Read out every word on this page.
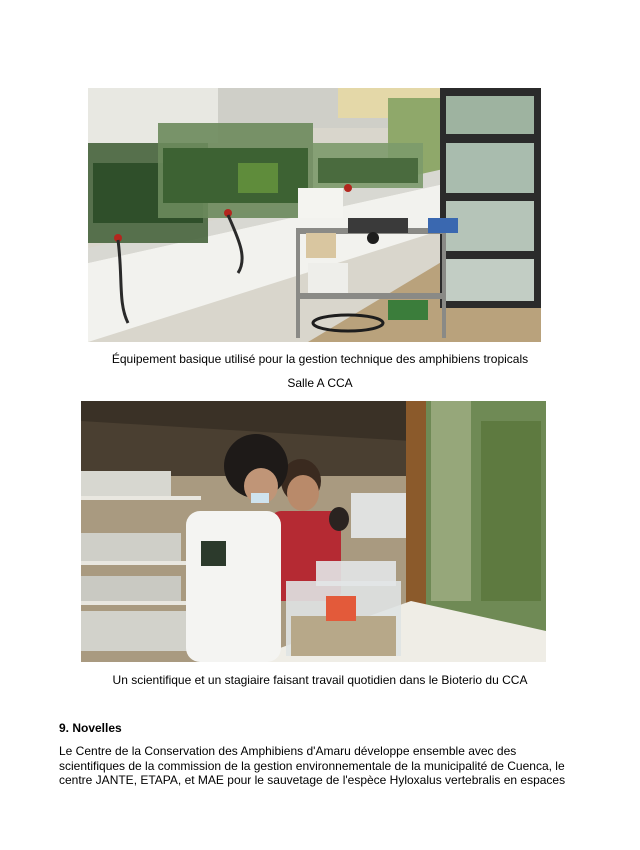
Équipement basique utilisé pour la gestion technique des amphibiens tropicals
Salle A CCA
Un scientifique et un stagiaire faisant travail quotidien dans le Bioterio du CCA
9. Novelles
Le Centre de la Conservation des Amphibiens d'Amaru développe ensemble avec des
scientifiques de la commission de la gestion environnementale de la municipalité de Cuenca, le
centre JANTE, ETAPA, et MAE pour le sauvetage de l'espèce Hyloxalus vertebralis en espaces
